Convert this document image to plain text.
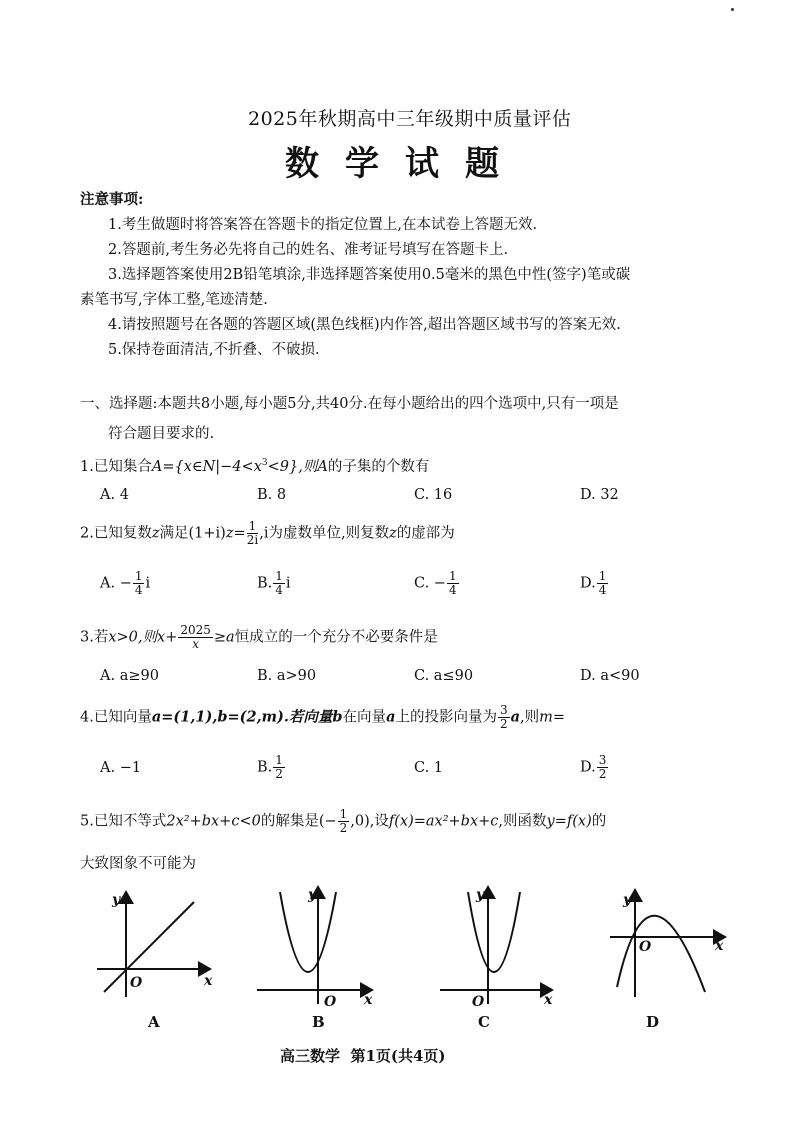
2025年秋期高中三年级期中质量评估
数学试题
注意事项:
1.考生做题时将答案答在答题卡的指定位置上,在本试卷上答题无效.
2.答题前,考生务必先将自己的姓名、准考证号填写在答题卡上.
3.选择题答案使用2B铅笔填涂,非选择题答案使用0.5毫米的黑色中性(签字)笔或碳
素笔书写,字体工整,笔迹清楚.
4.请按照题号在各题的答题区域(黑色线框)内作答,超出答题区域书写的答案无效.
5.保持卷面清洁,不折叠、不破损.
一、选择题:本题共8小题,每小题5分,共40分.在每小题给出的四个选项中,只有一项是
符合题目要求的.
1.已知集合$A=\{x\in N|-4<x^3<9\}$,则A的子集的个数有
A. 4	B. 8	C. 16	D. 32
2.已知复数z满足$(1+i)z= \frac{1}{2i} ,i$为虚数单位,则复数z的虚部为
A. − $\frac{1}{4}$ i	B. $\frac{1}{4}$ i	C. − $\frac{1}{4}$	D. $\frac{1}{4}$
3.若x>0,则$x+ \frac{2025}{x}\ge a$恒成立的一个充分不必要条件是
A. a≥90	B. a>90	C. a≤90	D. a<90
4.已知向量a=(1,1),b=(2,m).若向量b在向量a上的投影向量为 $\frac{3}{2} a$,则m=
A. −1	B. $\frac{1}{2}$	C. 1	D. $\frac{3}{2}$
5.已知不等式2x²+bx+c<0的解集是(− $\frac{1}{2} ,0$),设f(x)=ax²+bx+c,则函数y=f(x)的
大致图象不可能为
y
x
O
y
x
O
y
x
O
y
x
O
A	B	C	D
高三数学  第1页(共4页)
